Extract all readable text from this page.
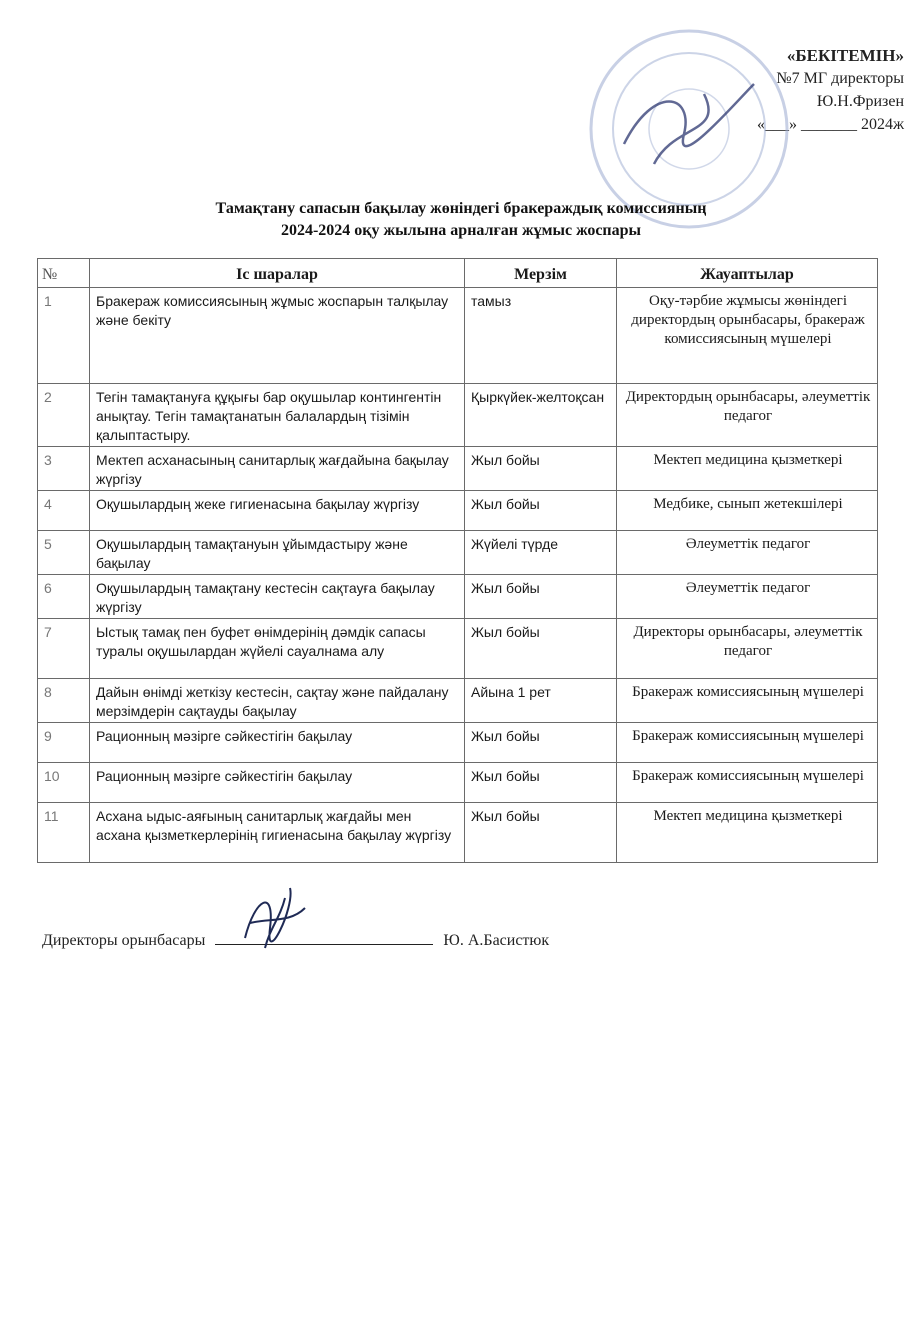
«БЕКІТЕМІН»
№7 МГ директоры
Ю.Н.Фризен
«___» _______ 2024ж
Тамақтану сапасын бақылау жөніндегі бракераждық комиссияның
2024-2024 оқу жылына арналған жұмыс жоспары
№	Іс шаралар	Мерзім	Жауаптылар
1	Бракераж комиссиясының жұмыс жоспарын талқылау және бекіту	тамыз	Оқу-тәрбие жұмысы жөніндегі директордың орынбасары, бракераж комиссиясының мүшелері
2	Тегін тамақтануға құқығы бар оқушылар контингентін анықтау. Тегін тамақтанатын балалардың тізімін қалыптастыру.	Қыркүйек-желтоқсан	Директордың орынбасары, әлеуметтік педагог
3	Мектеп асханасының санитарлық жағдайына бақылау жүргізу	Жыл бойы	Мектеп медицина қызметкері
4	Оқушылардың жеке гигиенасына бақылау жүргізу	Жыл бойы	Медбике, сынып жетекшілері
5	Оқушылардың тамақтануын ұйымдастыру және бақылау	Жүйелі түрде	Әлеуметтік педагог
6	Оқушылардың тамақтану кестесін сақтауға бақылау жүргізу	Жыл бойы	Әлеуметтік педагог
7	Ыстық тамақ пен буфет өнімдерінің дәмдік сапасы туралы оқушылардан жүйелі сауалнама алу	Жыл бойы	Директоры орынбасары, әлеуметтік педагог
8	Дайын өнімді жеткізу кестесін, сақтау және пайдалану мерзімдерін сақтауды бақылау	Айына 1 рет	Бракераж комиссиясының мүшелері
9	Рационның мәзірге сәйкестігін бақылау	Жыл бойы	Бракераж комиссиясының мүшелері
10	Рационның мәзірге сәйкестігін бақылау	Жыл бойы	Бракераж комиссиясының мүшелері
11	Асхана ыдыс-аяғының санитарлық жағдайы мен асхана қызметкерлерінің гигиенасына бақылау жүргізу	Жыл бойы	Мектеп медицина қызметкері
Директоры орынбасары	Ю. А.Басистюк
